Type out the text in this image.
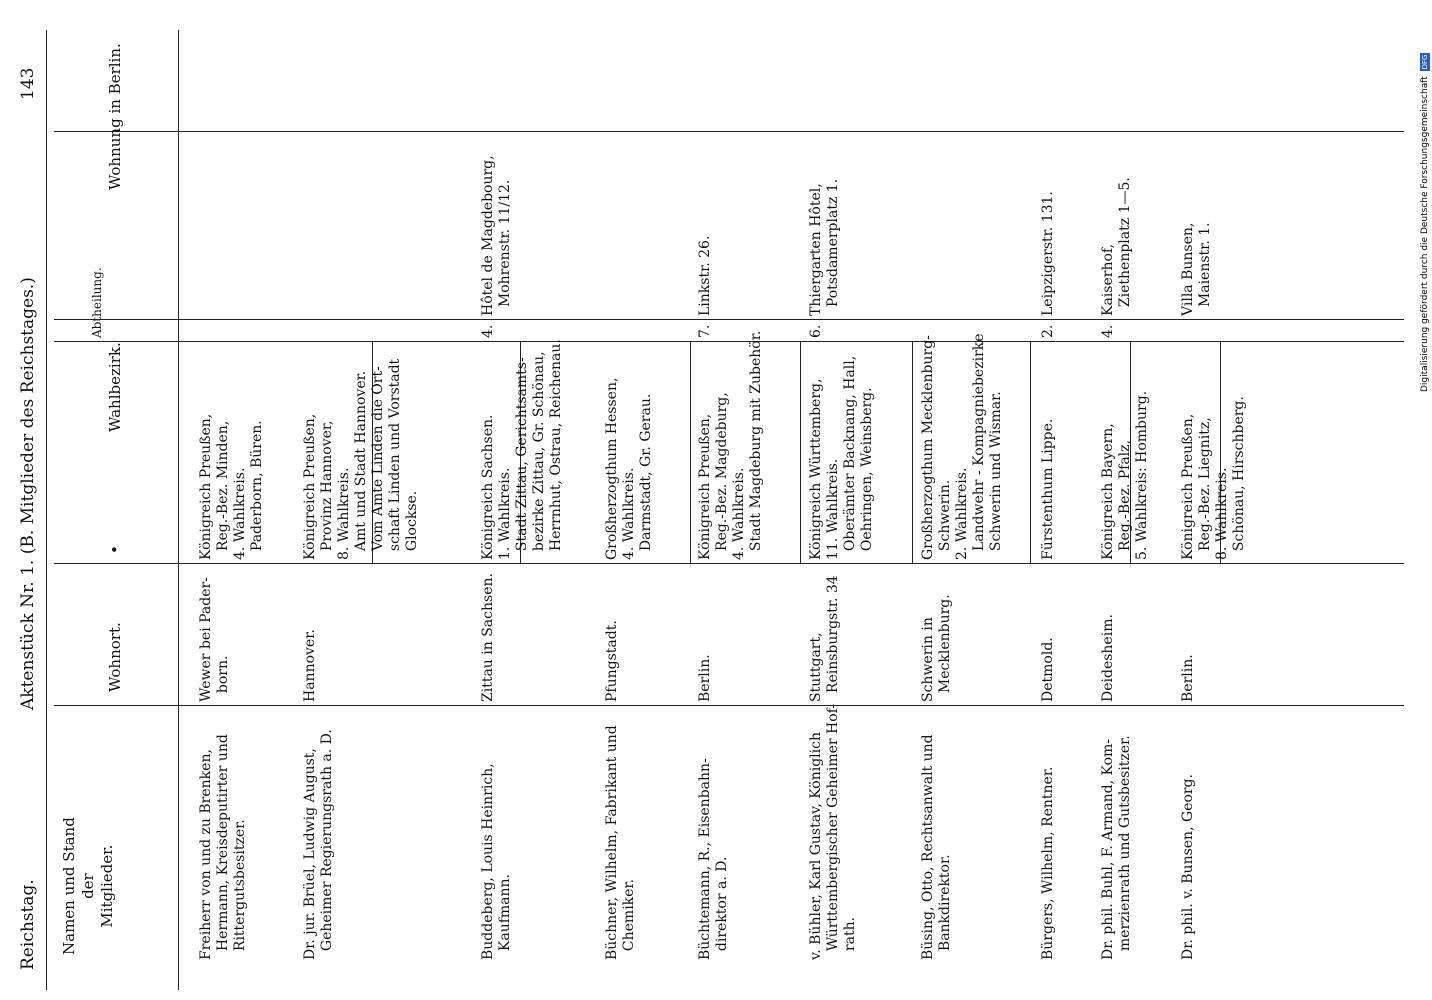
Reichstag.
Aktenstück Nr. 1. (B. Mitglieder des Reichstages.)
143
Namen und Stand
der
Mitglieder.
Wohnort.
•
Wahlbezirk.
Abtheilung.
Wohnung in Berlin.
Freiherr von und zu Brenken,
Hermann, Kreisdeputirter und
Rittergutsbesitzer.
Wewer bei Pader-
born.
Königreich Preußen,
Reg.-Bez. Minden,
4. Wahlkreis.
Paderborn, Büren.
Dr. jur. Brüel, Ludwig August,
Geheimer Regierungsrath a. D.
Hannover.
Königreich Preußen,
Provinz Hannover,
8. Wahlkreis.
Amt und Stadt Hannover.
Vom Amte Linden die Ort-
schaft Linden und Vorstadt
Glockse.
Buddeberg, Louis Heinrich,
Kaufmann.
Zittau in Sachsen.
Königreich Sachsen.
1. Wahlkreis.
Stadt Zittau, Gerichtsamts-
bezirke Zittau, Gr. Schönau,
Herrnhut, Ostrau, Reichenau.
4.
Hôtel de Magdebourg,
Mohrenstr. 11/12.
Büchner, Wilhelm, Fabrikant und
Chemiker.
Pfungstadt.
Großherzogthum Hessen,
4. Wahlkreis.
Darmstadt, Gr. Gerau.
Büchtemann, R., Eisenbahn-
direktor a. D.
Berlin.
Königreich Preußen,
Reg.-Bez. Magdeburg,
4. Wahlkreis.
Stadt Magdeburg mit Zubehör.
7.
Linkstr. 26.
v. Bühler, Karl Gustav, Königlich
Württembergischer Geheimer Hof-
rath.
Stuttgart,
Reinsburgstr. 34
Königreich Württemberg,
11. Wahlkreis.
Oberämter Backnang, Hall,
Oehringen, Weinsberg.
6.
Thiergarten Hôtel,
Potsdamerplatz 1.
Büsing, Otto, Rechtsanwalt und
Bankdirektor.
Schwerin in
Mecklenburg.
Großherzogthum Mecklenburg-
Schwerin.
2. Wahlkreis.
Landwehr - Kompagniebezirke
Schwerin und Wismar.
Bürgers, Wilhelm, Rentner.
Detmold.
Fürstenthum Lippe.
2.
Leipzigerstr. 131.
Dr. phil. Buhl, F. Armand, Kom-
merzienrath und Gutsbesitzer.
Deidesheim.
Königreich Bayern,
Reg.-Bez. Pfalz,
5. Wahlkreis: Homburg.
4.
Kaiserhof,
Ziethenplatz 1—5.
Dr. phil. v. Bunsen, Georg.
Berlin.
Königreich Preußen,
Reg.-Bez. Liegnitz,
8. Wahlkreis.
Schönau, Hirschberg.
Villa Bunsen,
Maienstr. 1.	Digitalisierung gefördert durch die Deutsche Forschungsgemeinschaft DFG
